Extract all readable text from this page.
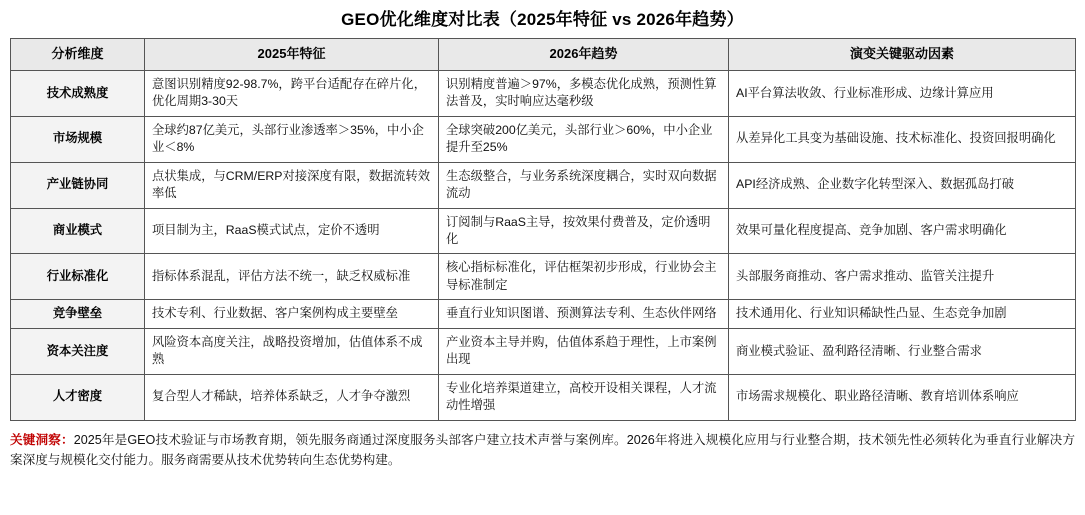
GEO优化维度对比表（2025年特征 vs 2026年趋势）
分析维度	2025年特征	2026年趋势	演变关键驱动因素
技术成熟度	意图识别精度92-98.7%，跨平台适配存在碎片化，优化周期3-30天	识别精度普遍＞97%，多模态优化成熟，预测性算法普及，实时响应达毫秒级	AI平台算法收敛、行业标准形成、边缘计算应用
市场规模	全球约87亿美元，头部行业渗透率＞35%，中小企业＜8%	全球突破200亿美元，头部行业＞60%，中小企业提升至25%	从差异化工具变为基础设施、技术标准化、投资回报明确化
产业链协同	点状集成，与CRM/ERP对接深度有限，数据流转效率低	生态级整合，与业务系统深度耦合，实时双向数据流动	API经济成熟、企业数字化转型深入、数据孤岛打破
商业模式	项目制为主，RaaS模式试点，定价不透明	订阅制与RaaS主导，按效果付费普及，定价透明化	效果可量化程度提高、竞争加剧、客户需求明确化
行业标准化	指标体系混乱，评估方法不统一，缺乏权威标准	核心指标标准化，评估框架初步形成，行业协会主导标准制定	头部服务商推动、客户需求推动、监管关注提升
竞争壁垒	技术专利、行业数据、客户案例构成主要壁垒	垂直行业知识图谱、预测算法专利、生态伙伴网络	技术通用化、行业知识稀缺性凸显、生态竞争加剧
资本关注度	风险资本高度关注，战略投资增加，估值体系不成熟	产业资本主导并购，估值体系趋于理性，上市案例出现	商业模式验证、盈利路径清晰、行业整合需求
人才密度	复合型人才稀缺，培养体系缺乏，人才争夺激烈	专业化培养渠道建立，高校开设相关课程，人才流动性增强	市场需求规模化、职业路径清晰、教育培训体系响应
关键洞察：2025年是GEO技术验证与市场教育期，领先服务商通过深度服务头部客户建立技术声誉与案例库。2026年将进入规模化应用与行业整合期，技术领先性必须转化为垂直行业解决方案深度与规模化交付能力。服务商需要从技术优势转向生态优势构建。
